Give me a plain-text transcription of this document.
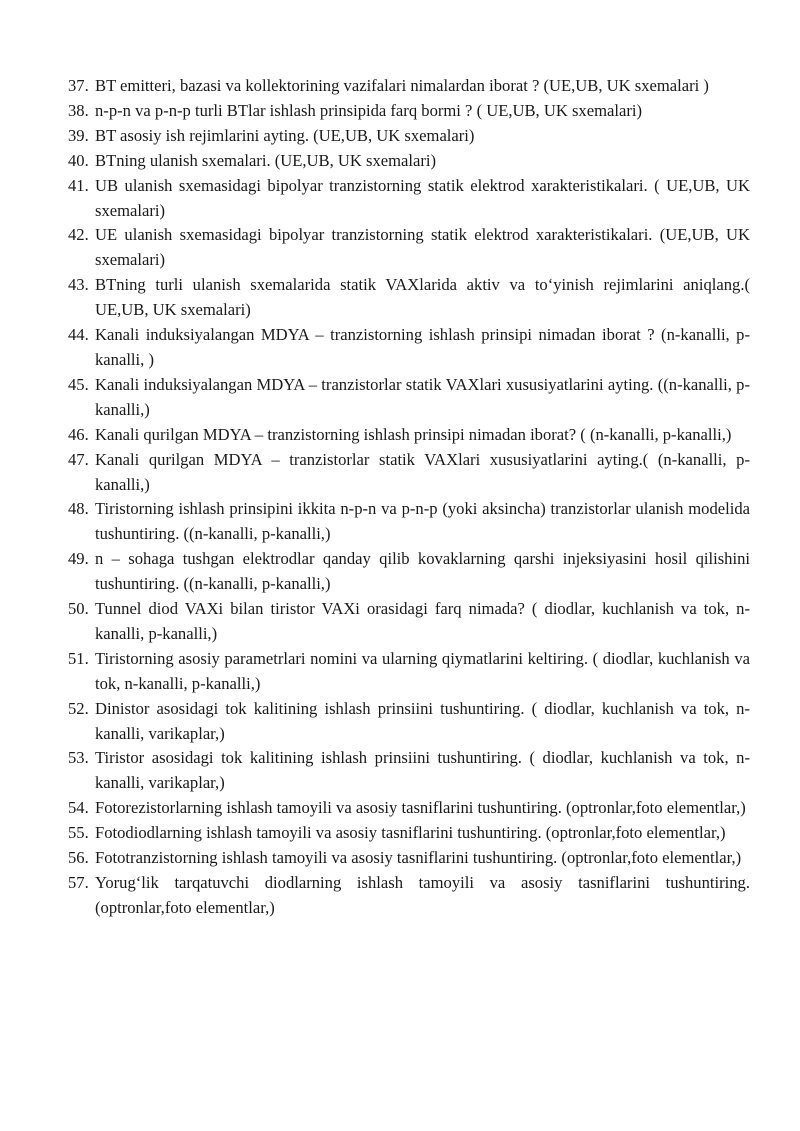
37. BT emitteri, bazasi va kollektorining vazifalari nimalardan iborat ? (UE,UB, UK sxemalari )
38. n-p-n va p-n-p turli BTlar ishlash prinsipida farq bormi ? ( UE,UB, UK sxemalari)
39. BT asosiy ish rejimlarini ayting. (UE,UB, UK sxemalari)
40. BTning ulanish sxemalari. (UE,UB, UK sxemalari)
41. UB ulanish sxemasidagi bipolyar tranzistorning statik elektrod xarakteristikalari. ( UE,UB, UK sxemalari)
42. UE ulanish sxemasidagi bipolyar tranzistorning statik elektrod xarakteristikalari. (UE,UB, UK sxemalari)
43. BTning turli ulanish sxemalarida statik VAXlarida aktiv va to‘yinish rejimlarini aniqlang.( UE,UB, UK sxemalari)
44. Kanali induksiyalangan MDYA – tranzistorning ishlash prinsipi nimadan iborat ? (n-kanalli, p-kanalli, )
45. Kanali induksiyalangan MDYA – tranzistorlar statik VAXlari xususiyatlarini ayting. ((n-kanalli, p-kanalli,)
46. Kanali qurilgan MDYA – tranzistorning ishlash prinsipi nimadan iborat? ( (n-kanalli, p-kanalli,)
47. Kanali qurilgan MDYA – tranzistorlar statik VAXlari xususiyatlarini ayting.( (n-kanalli, p-kanalli,)
48. Tiristorning ishlash prinsipini ikkita n-p-n va p-n-p (yoki aksincha) tranzistorlar ulanish modelida tushuntiring. ((n-kanalli, p-kanalli,)
49. n – sohaga tushgan elektrodlar qanday qilib kovaklarning qarshi injeksiyasini hosil qilishini tushuntiring. ((n-kanalli, p-kanalli,)
50. Tunnel diod VAXi bilan tiristor VAXi orasidagi farq nimada? ( diodlar, kuchlanish va tok, n-kanalli, p-kanalli,)
51. Tiristorning asosiy parametrlari nomini va ularning qiymatlarini keltiring. ( diodlar, kuchlanish va tok, n-kanalli, p-kanalli,)
52. Dinistor asosidagi tok kalitining ishlash prinsiini tushuntiring. ( diodlar, kuchlanish va tok, n-kanalli, varikaplar,)
53. Tiristor asosidagi tok kalitining ishlash prinsiini tushuntiring. ( diodlar, kuchlanish va tok, n-kanalli, varikaplar,)
54. Fotorezistorlarning ishlash tamoyili va asosiy tasniflarini tushuntiring. (optronlar,foto elementlar,)
55. Fotodiodlarning ishlash tamoyili va asosiy tasniflarini tushuntiring. (optronlar,foto elementlar,)
56. Fototranzistorning ishlash tamoyili va asosiy tasniflarini tushuntiring. (optronlar,foto elementlar,)
57. Yorug‘lik tarqatuvchi diodlarning ishlash tamoyili va asosiy tasniflarini tushuntiring. (optronlar,foto elementlar,)
